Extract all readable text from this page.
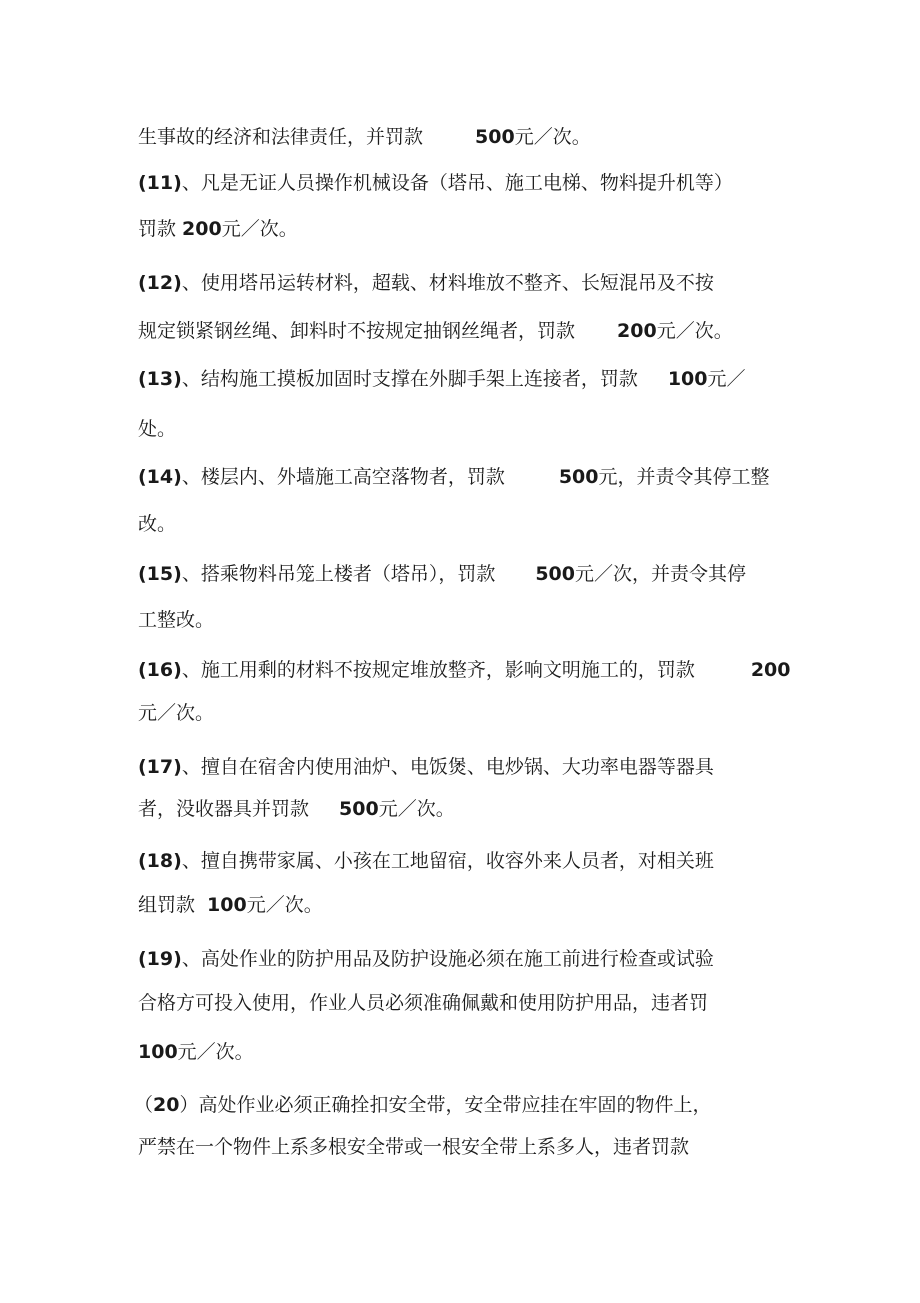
生事故的经济和法律责任，并罚款	500元／次。
(11)、凡是无证人员操作机械设备（塔吊、施工电梯、物料提升机等）
罚款 200元／次。
(12)、使用塔吊运转材料，超载、材料堆放不整齐、长短混吊及不按
规定锁紧钢丝绳、卸料时不按规定抽钢丝绳者，罚款 200元／次。
(13)、结构施工摸板加固时支撑在外脚手架上连接者，罚款 100元／
处。
(14)、楼层内、外墙施工高空落物者，罚款	500元，并责令其停工整
改。
(15)、搭乘物料吊笼上楼者（塔吊），罚款 500元／次，并责令其停
工整改。
(16)、施工用剩的材料不按规定堆放整齐，影响文明施工的，罚款	200
元／次。
(17)、擅自在宿舍内使用油炉、电饭煲、电炒锅、大功率电器等器具
者，没收器具并罚款 500元／次。
(18)、擅自携带家属、小孩在工地留宿，收容外来人员者，对相关班
组罚款 100元／次。
(19)、高处作业的防护用品及防护设施必须在施工前进行检查或试验
合格方可投入使用，作业人员必须准确佩戴和使用防护用品，违者罚
100元／次。
（20）高处作业必须正确拴扣安全带，安全带应挂在牢固的物件上，
严禁在一个物件上系多根安全带或一根安全带上系多人，违者罚款
